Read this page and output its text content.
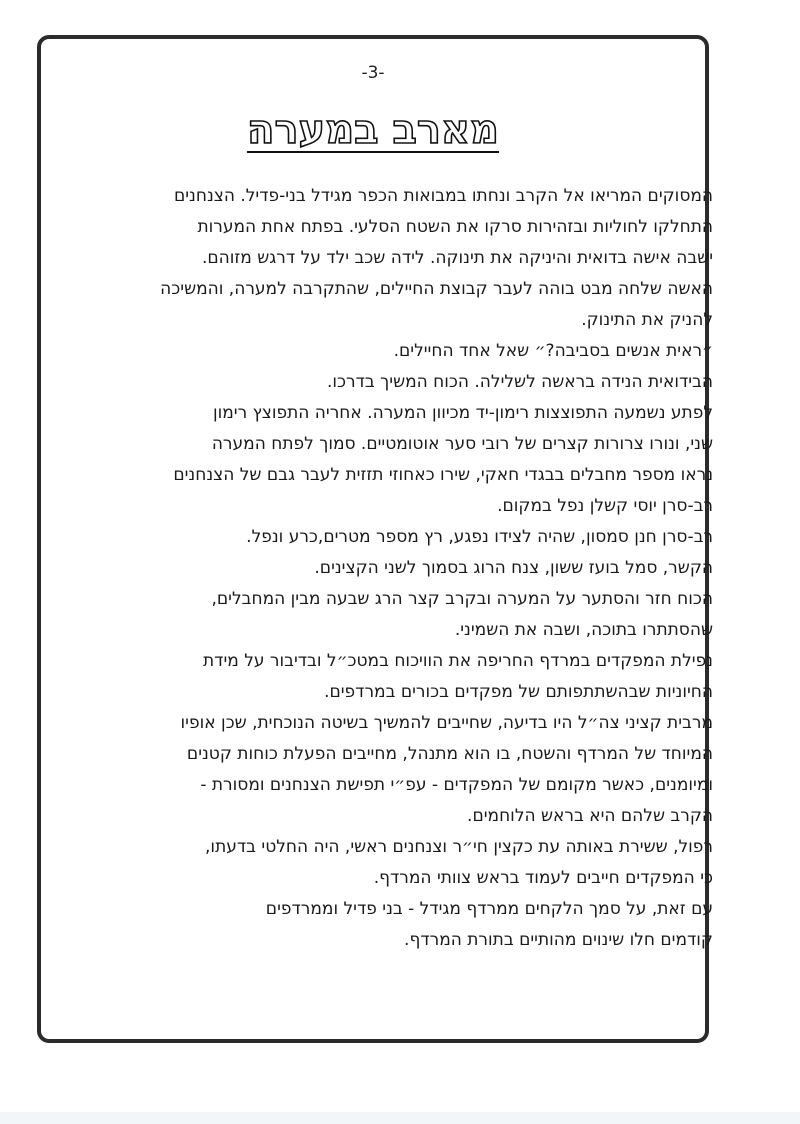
-3-
מארב במערה
המסוקים המריאו אל הקרב ונחתו במבואות הכפר מגידל בני-פדיל. הצנחנים
התחלקו לחוליות ובזהירות סרקו את השטח הסלעי. בפתח אחת המערות
ישבה אישה בדואית והיניקה את תינוקה. לידה שכב ילד על דרגש מזוהם.
האשה שלחה מבט בוהה לעבר קבוצת החיילים, שהתקרבה למערה, והמשיכה
להניק את התינוק.
״ראית אנשים בסביבה?״ שאל אחד החיילים.
הבידואית הנידה בראשה לשלילה. הכוח המשיך בדרכו.
לפתע נשמעה התפוצצות רימון-יד מכיוון המערה. אחריה התפוצץ רימון
שני, ונורו צרורות קצרים של רובי סער אוטומטיים. סמוך לפתח המערה
נראו מספר מחבלים בבגדי חאקי, שירו כאחוזי תזזית לעבר גבם של הצנחנים
רב-סרן יוסי קשלן נפל במקום.
רב-סרן חנן סמסון, שהיה לצידו נפגע, רץ מספר מטרים,כרע ונפל.
הקשר, סמל בועז ששון, צנח הרוג בסמוך לשני הקצינים.
הכוח חזר והסתער על המערה ובקרב קצר הרג שבעה מבין המחבלים,
שהסתתרו בתוכה, ושבה את השמיני.
נפילת המפקדים במרדף החריפה את הוויכוח במטכ״ל ובדיבור על מידת
החיוניות שבהשתתפותם של מפקדים בכורים במרדפים.
מרבית קציני צה״ל היו בדיעה, שחייבים להמשיך בשיטה הנוכחית, שכן אופיו
המיוחד של המרדף והשטח, בו הוא מתנהל, מחייבים הפעלת כוחות קטנים
ומיומנים, כאשר מקומם של המפקדים - עפ״י תפישת הצנחנים ומסורת -
הקרב שלהם היא בראש הלוחמים.
רפול, ששירת באותה עת כקצין חי״ר וצנחנים ראשי, היה החלטי בדעתו,
כי המפקדים חייבים לעמוד בראש צוותי המרדף.
עם זאת, על סמך הלקחים ממרדף מגידל - בני פדיל וממרדפים
קודמים חלו שינוים מהותיים בתורת המרדף.
